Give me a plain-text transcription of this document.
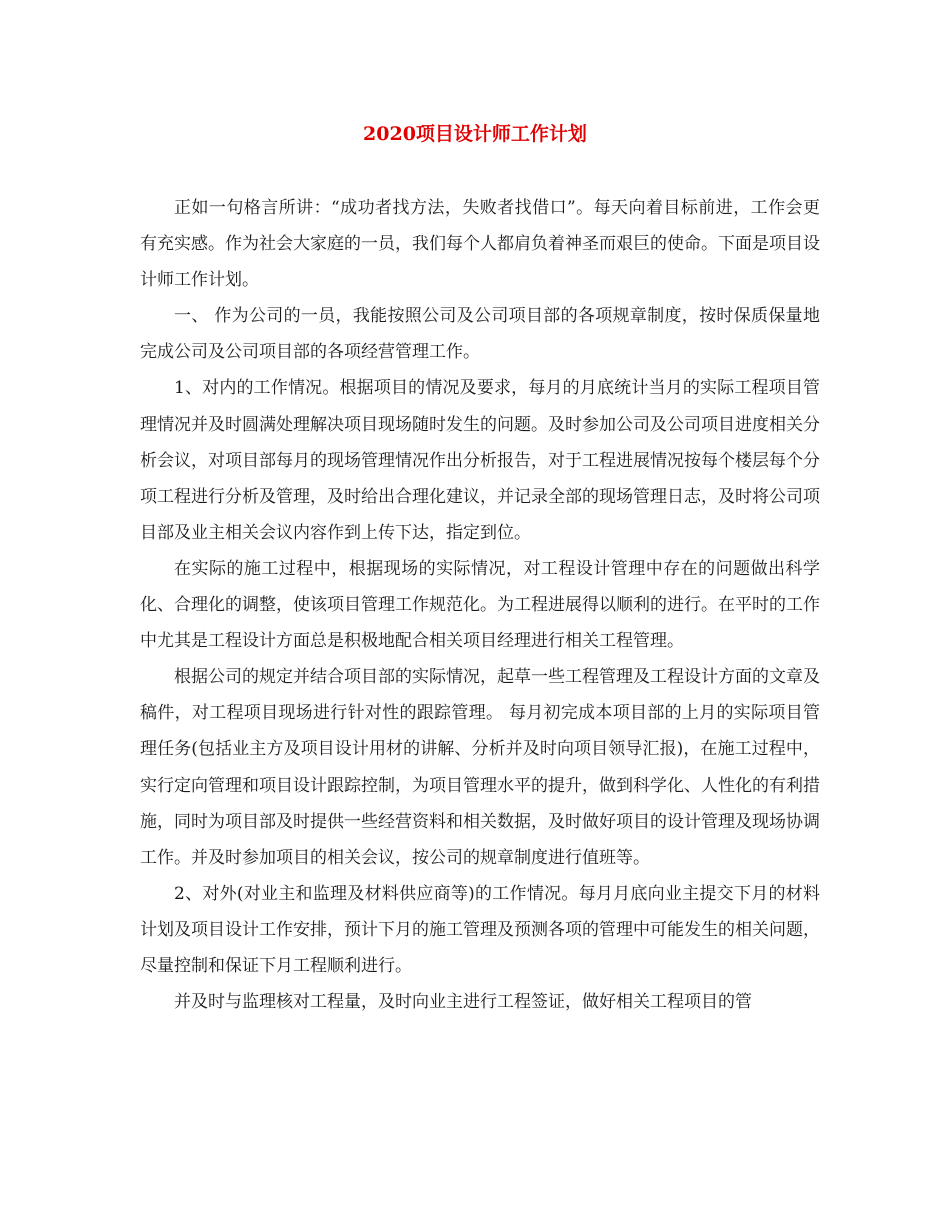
2020项目设计师工作计划

正如一句格言所讲：“成功者找方法，失败者找借口”。每天向着目标前进，工作会更有充实感。作为社会大家庭的一员，我们每个人都肩负着神圣而艰巨的使命。下面是项目设计师工作计划。

一、 作为公司的一员，我能按照公司及公司项目部的各项规章制度，按时保质保量地完成公司及公司项目部的各项经营管理工作。

1、对内的工作情况。根据项目的情况及要求，每月的月底统计当月的实际工程项目管理情况并及时圆满处理解决项目现场随时发生的问题。及时参加公司及公司项目进度相关分析会议，对项目部每月的现场管理情况作出分析报告，对于工程进展情况按每个楼层每个分项工程进行分析及管理，及时给出合理化建议，并记录全部的现场管理日志，及时将公司项目部及业主相关会议内容作到上传下达，指定到位。

在实际的施工过程中，根据现场的实际情况，对工程设计管理中存在的问题做出科学化、合理化的调整，使该项目管理工作规范化。为工程进展得以顺利的进行。在平时的工作中尤其是工程设计方面总是积极地配合相关项目经理进行相关工程管理。

根据公司的规定并结合项目部的实际情况，起草一些工程管理及工程设计方面的文章及稿件，对工程项目现场进行针对性的跟踪管理。 每月初完成本项目部的上月的实际项目管理任务(包括业主方及项目设计用材的讲解、分析并及时向项目领导汇报)，在施工过程中，实行定向管理和项目设计跟踪控制，为项目管理水平的提升，做到科学化、人性化的有利措施，同时为项目部及时提供一些经营资料和相关数据，及时做好项目的设计管理及现场协调工作。并及时参加项目的相关会议，按公司的规章制度进行值班等。

2、对外(对业主和监理及材料供应商等)的工作情况。每月月底向业主提交下月的材料计划及项目设计工作安排，预计下月的施工管理及预测各项的管理中可能发生的相关问题，尽量控制和保证下月工程顺利进行。

并及时与监理核对工程量，及时向业主进行工程签证，做好相关工程项目的管
